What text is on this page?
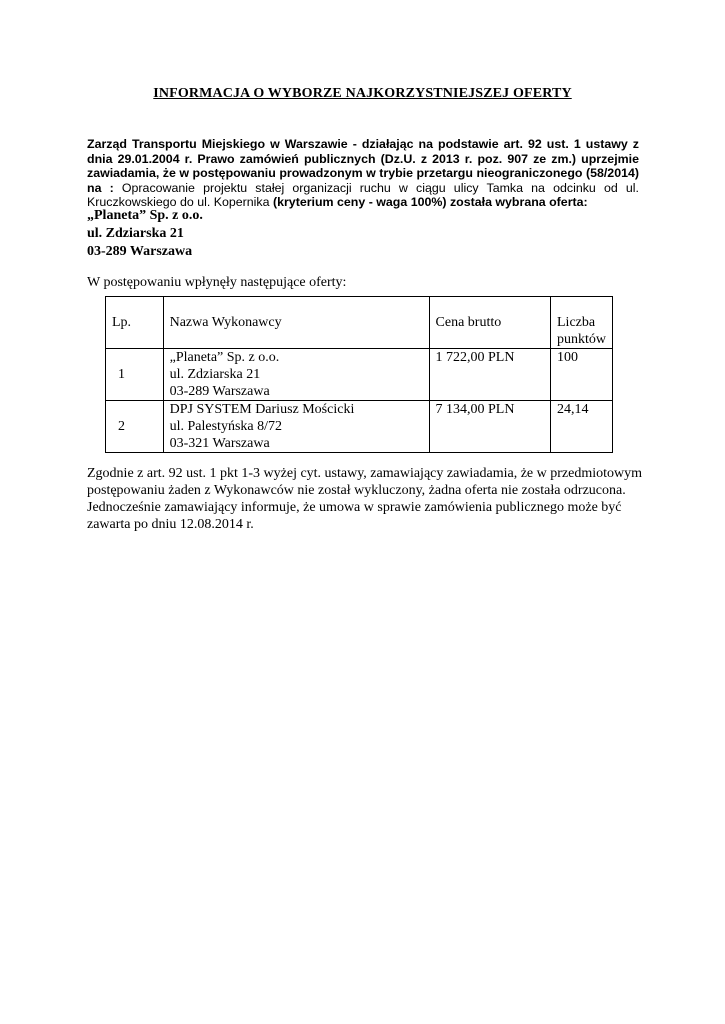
INFORMACJA O WYBORZE NAJKORZYSTNIEJSZEJ OFERTY
Zarząd Transportu Miejskiego w Warszawie - działając na podstawie art. 92 ust. 1 ustawy z dnia 29.01.2004 r. Prawo zamówień publicznych (Dz.U. z 2013 r. poz. 907 ze zm.) uprzejmie zawiadamia, że w postępowaniu prowadzonym w trybie przetargu nieograniczonego (58/2014) na : Opracowanie projektu stałej organizacji ruchu w ciągu ulicy Tamka na odcinku od ul. Kruczkowskiego do ul. Kopernika (kryterium ceny - waga 100%) została wybrana oferta:
„Planeta” Sp. z o.o.
ul. Zdziarska 21
03-289 Warszawa
W postępowaniu wpłynęły następujące oferty:
Lp.	Nazwa Wykonawcy	Cena brutto	Liczba punktów
1	„Planeta” Sp. z o.o.
ul. Zdziarska 21
03-289 Warszawa	1 722,00 PLN	100
2	DPJ SYSTEM Dariusz Mościcki
ul. Palestyńska 8/72
03-321 Warszawa	7 134,00 PLN	24,14

Zgodnie z art. 92 ust. 1 pkt 1-3 wyżej cyt. ustawy, zamawiający zawiadamia, że w przedmiotowym postępowaniu żaden z Wykonawców nie został wykluczony, żadna oferta nie została odrzucona.

Jednocześnie zamawiający informuje, że umowa w sprawie zamówienia publicznego może być zawarta po dniu 12.08.2014 r.
